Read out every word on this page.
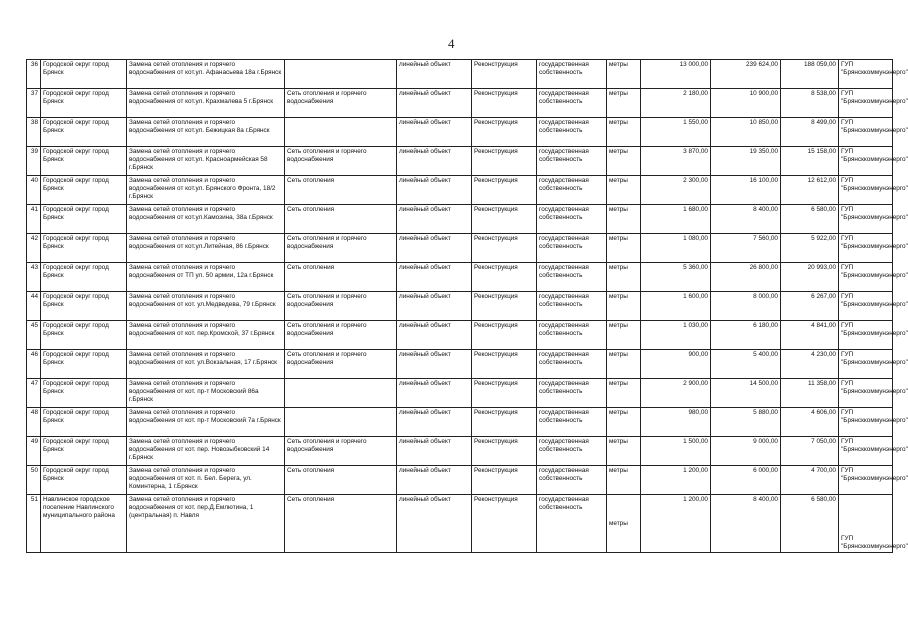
4
36	Городской округ город Брянск	Замена сетей отопления и горячего водоснабжения от кот.ул. Афанасьева 18а г.Брянск		линейный объект	Реконструкция	государственная собственность	метры	13 000,00	239 624,00	188 059,00	ГУП "Брянсккоммунэнерго"
37	Городской округ город Брянск	Замена сетей отопления и горячего водоснабжения от кот.ул. Крахмалева 5 г.Брянск	Сеть отопления и горячего водоснабжения	линейный объект	Реконструкция	государственная собственность	метры	2 180,00	10 900,00	8 538,00	ГУП "Брянсккоммунэнерго"
38	Городской округ город Брянск	Замена сетей отопления и горячего водоснабжения от кот.ул. Бежицкая 8а г.Брянск		линейный объект	Реконструкция	государственная собственность	метры	1 550,00	10 850,00	8 499,00	ГУП "Брянсккоммунэнерго"
39	Городской округ город Брянск	Замена сетей отопления и горячего водоснабжения от кот.ул. Красноармейская 58 г.Брянск	Сеть отопления и горячего водоснабжения	линейный объект	Реконструкция	государственная собственность	метры	3 870,00	19 350,00	15 158,00	ГУП "Брянсккоммунэнерго"
40	Городской округ город Брянск	Замена сетей отопления и горячего водоснабжения от кот.ул. Брянского Фронта, 18/2 г.Брянск	Сеть отопления	линейный объект	Реконструкция	государственная собственность	метры	2 300,00	16 100,00	12 612,00	ГУП "Брянсккоммунэнерго"
41	Городской округ город Брянск	Замена сетей отопления и горячего водоснабжения от кот.ул.Камозина, 38а г.Брянск	Сеть отопления	линейный объект	Реконструкция	государственная собственность	метры	1 680,00	8 400,00	6 580,00	ГУП "Брянсккоммунэнерго"
42	Городской округ город Брянск	Замена сетей отопления и горячего водоснабжения от кот.ул.Литейная, 86 г.Брянск	Сеть отопления и горячего водоснабжения	линейный объект	Реконструкция	государственная собственность	метры	1 080,00	7 560,00	5 922,00	ГУП "Брянсккоммунэнерго"
43	Городской округ город Брянск	Замена сетей отопления и горячего водоснабжения от ТП ул. 50 армии, 12а г.Брянск	Сеть отопления	линейный объект	Реконструкция	государственная собственность	метры	5 360,00	26 800,00	20 993,00	ГУП "Брянсккоммунэнерго"
44	Городской округ город Брянск	Замена сетей отопления и горячего водоснабжения от кот. ул.Медведева, 79 г.Брянск	Сеть отопления и горячего водоснабжения	линейный объект	Реконструкция	государственная собственность	метры	1 600,00	8 000,00	6 267,00	ГУП "Брянсккоммунэнерго"
45	Городской округ город Брянск	Замена сетей отопления и горячего водоснабжения от кот. пер.Кромской, 37 г.Брянск	Сеть отопления и горячего водоснабжения	линейный объект	Реконструкция	государственная собственность	метры	1 030,00	6 180,00	4 841,00	ГУП "Брянсккоммунэнерго"
46	Городской округ город Брянск	Замена сетей отопления и горячего водоснабжения от кот. ул.Вокзальная, 17 г.Брянск	Сеть отопления и горячего водоснабжения	линейный объект	Реконструкция	государственная собственность	метры	900,00	5 400,00	4 230,00	ГУП "Брянсккоммунэнерго"
47	Городской округ город Брянск	Замена сетей отопления и горячего водоснабжения от кот. пр-т Московский 86а г.Брянск		линейный объект	Реконструкция	государственная собственность	метры	2 900,00	14 500,00	11 358,00	ГУП "Брянсккоммунэнерго"
48	Городской округ город Брянск	Замена сетей отопления и горячего водоснабжения от кот. пр-т Московский 7а г.Брянск		линейный объект	Реконструкция	государственная собственность	метры	980,00	5 880,00	4 606,00	ГУП "Брянсккоммунэнерго"
49	Городской округ город Брянск	Замена сетей отопления и горячего водоснабжения от кот. пер. Новозыбковский 14 г.Брянск	Сеть отопления и горячего водоснабжения	линейный объект	Реконструкция	государственная собственность	метры	1 500,00	9 000,00	7 050,00	ГУП "Брянсккоммунэнерго"
50	Городской округ город Брянск	Замена сетей отопления и горячего водоснабжения от кот. п. Бел. Берега, ул. Коминтерна, 1 г.Брянск	Сеть отопления	линейный объект	Реконструкция	государственная собственность	метры	1 200,00	6 000,00	4 700,00	ГУП "Брянсккоммунэнерго"
51	Навлинское городское поселение Навлинского муниципального района	Замена сетей отопления и горячего водоснабжения от кот. пер.Д.Емлютина, 1 (центральная) п. Навля	Сеть отопления	линейный объект	Реконструкция	государственная собственность	метры	1 200,00	8 400,00	6 580,00	ГУП "Брянсккоммунэнерго"
